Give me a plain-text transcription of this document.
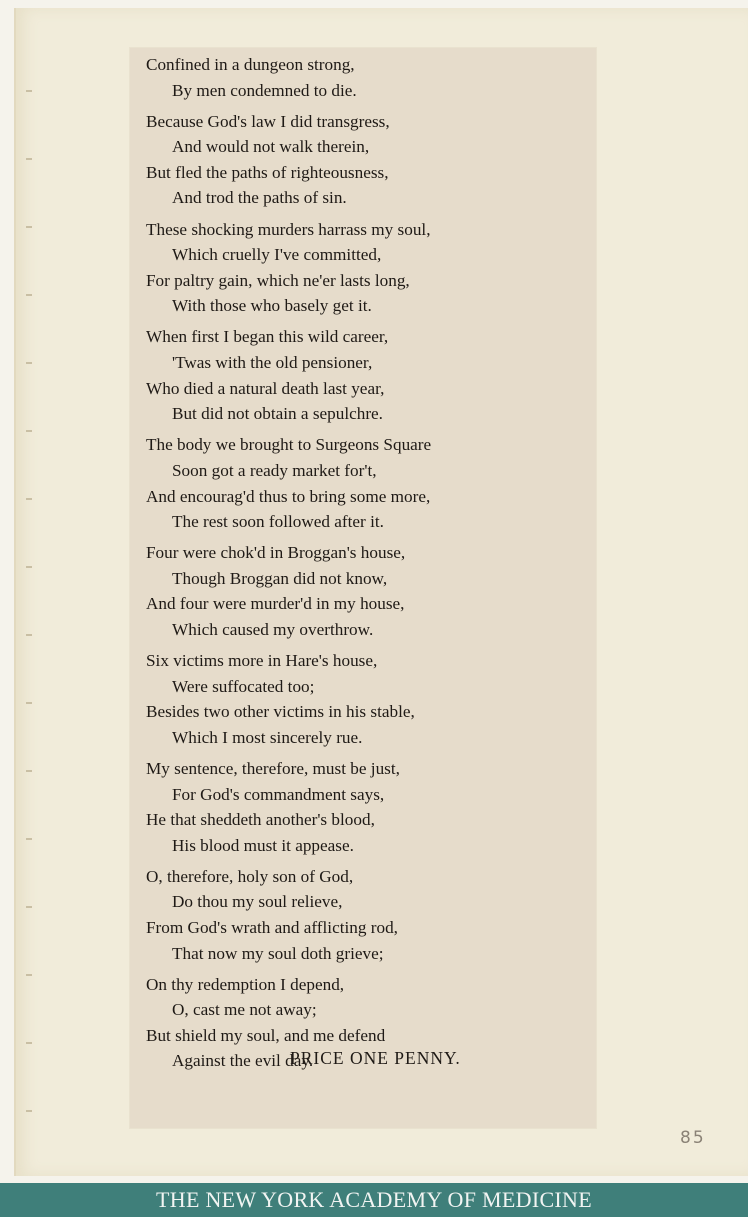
Confined in a dungeon strong,
By men condemned to die.
Because God's law I did transgress,
And would not walk therein,
But fled the paths of righteousness,
And trod the paths of sin.
These shocking murders harrass my soul,
Which cruelly I've committed,
For paltry gain, which ne'er lasts long,
With those who basely get it.
When first I began this wild career,
'Twas with the old pensioner,
Who died a natural death last year,
But did not obtain a sepulchre.
The body we brought to Surgeons Square
Soon got a ready market for't,
And encourag'd thus to bring some more,
The rest soon followed after it.
Four were chok'd in Broggan's house,
Though Broggan did not know,
And four were murder'd in my house,
Which caused my overthrow.
Six victims more in Hare's house,
Were suffocated too;
Besides two other victims in his stable,
Which I most sincerely rue.
My sentence, therefore, must be just,
For God's commandment says,
He that sheddeth another's blood,
His blood must it appease.
O, therefore, holy son of God,
Do thou my soul relieve,
From God's wrath and afflicting rod,
That now my soul doth grieve;
On thy redemption I depend,
O, cast me not away;
But shield my soul, and me defend
Against the evil day.
PRICE ONE PENNY.
85
THE NEW YORK ACADEMY OF MEDICINE
